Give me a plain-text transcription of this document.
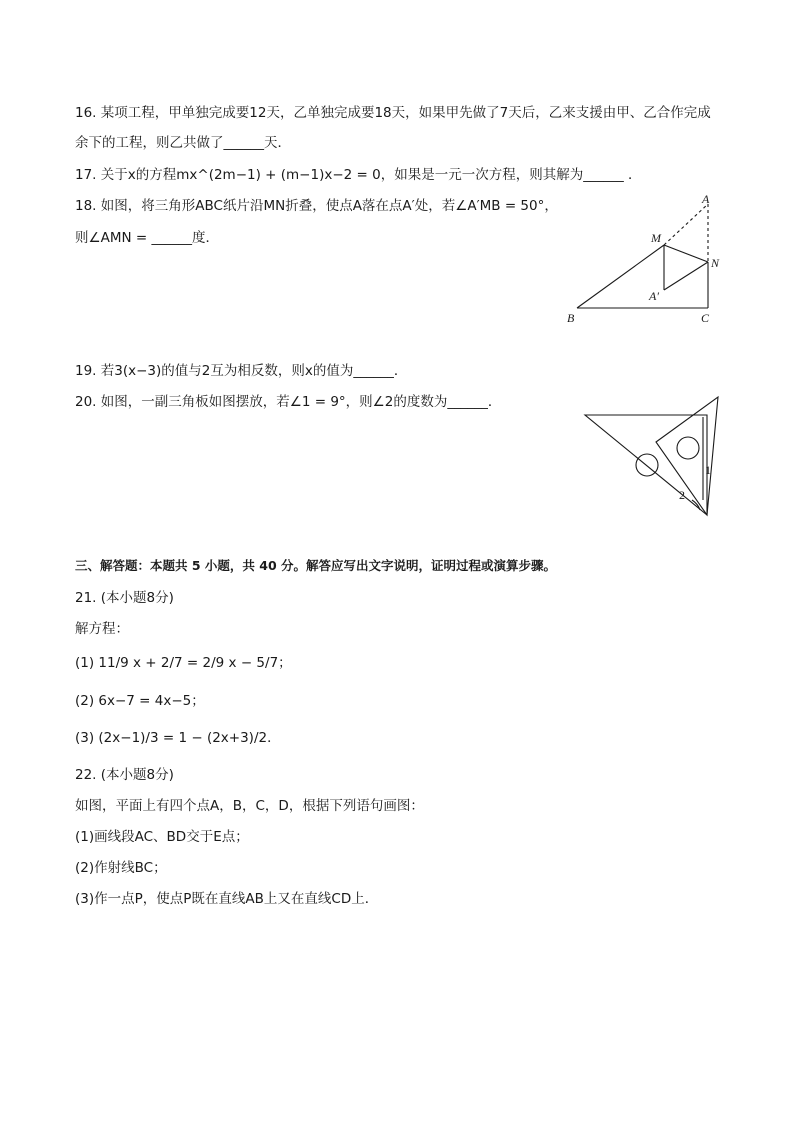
16. 某项工程，甲单独完成要12天，乙单独完成要18天，如果甲先做了7天后，乙来支援由甲、乙合作完成
余下的工程，则乙共做了______天．
17. 关于x的方程mx^(2m−1) + (m−1)x−2 = 0，如果是一元一次方程，则其解为______ ．
18. 如图，将三角形ABC纸片沿MN折叠，使点A落在点A′处，若∠A′MB = 50°，
则∠AMN = ______度．
A
M
N
A′
B	C
19. 若3(x−3)的值与2互为相反数，则x的值为______．
20. 如图，一副三角板如图摆放，若∠1 = 9°，则∠2的度数为______．
1
2
三、解答题：本题共 5 小题，共 40 分。解答应写出文字说明，证明过程或演算步骤。
21. (本小题8分)
解方程：
(1) 11/9 x + 2/7 = 2/9 x − 5/7；
(2) 6x−7 = 4x−5；
(3) (2x−1)/3 = 1 − (2x+3)/2．
22. (本小题8分)
如图，平面上有四个点A，B，C，D，根据下列语句画图：
(1)画线段AC、BD交于E点；
(2)作射线BC；
(3)作一点P，使点P既在直线AB上又在直线CD上．
